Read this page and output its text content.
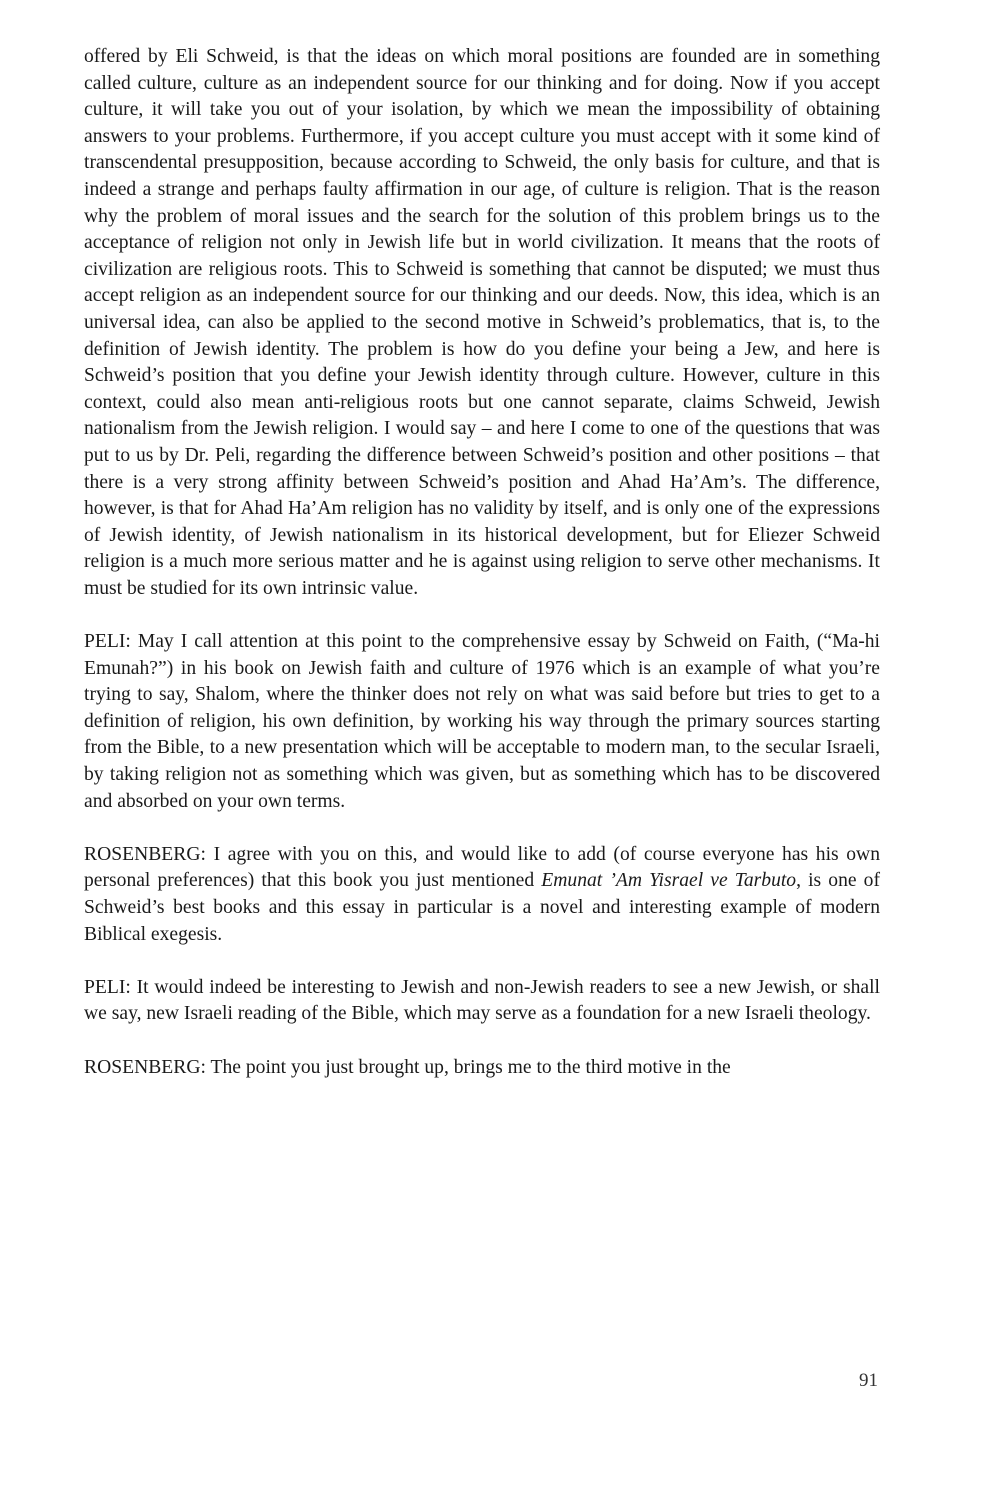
offered by Eli Schweid, is that the ideas on which moral positions are founded are in something called culture, culture as an independent source for our thinking and for doing. Now if you accept culture, it will take you out of your isolation, by which we mean the impossibility of obtaining answers to your problems. Furthermore, if you accept culture you must accept with it some kind of transcendental presupposition, because according to Schweid, the only basis for culture, and that is indeed a strange and perhaps faulty affirmation in our age, of culture is religion. That is the reason why the problem of moral issues and the search for the solution of this problem brings us to the acceptance of religion not only in Jewish life but in world civilization. It means that the roots of civilization are religious roots. This to Schweid is something that cannot be disputed; we must thus accept religion as an independent source for our thinking and our deeds. Now, this idea, which is an universal idea, can also be applied to the second motive in Schweid’s problematics, that is, to the definition of Jewish identity. The problem is how do you define your being a Jew, and here is Schweid’s position that you define your Jewish identity through culture. However, culture in this context, could also mean anti-religious roots but one cannot separate, claims Schweid, Jewish nationalism from the Jewish religion. I would say – and here I come to one of the questions that was put to us by Dr. Peli, regarding the difference between Schweid’s position and other positions – that there is a very strong affinity between Schweid’s position and Ahad Ha’Am’s. The difference, however, is that for Ahad Ha’Am religion has no validity by itself, and is only one of the expressions of Jewish identity, of Jewish nationalism in its historical development, but for Eliezer Schweid religion is a much more serious matter and he is against using religion to serve other mechanisms. It must be studied for its own intrinsic value.

PELI: May I call attention at this point to the comprehensive essay by Schweid on Faith, (“Ma-hi Emunah?”) in his book on Jewish faith and culture of 1976 which is an example of what you’re trying to say, Shalom, where the thinker does not rely on what was said before but tries to get to a definition of religion, his own definition, by working his way through the primary sources starting from the Bible, to a new presentation which will be acceptable to modern man, to the secular Israeli, by taking religion not as something which was given, but as something which has to be discovered and absorbed on your own terms.

ROSENBERG: I agree with you on this, and would like to add (of course everyone has his own personal preferences) that this book you just mentioned Emunat ’Am Yisrael ve Tarbuto, is one of Schweid’s best books and this essay in particular is a novel and interesting example of modern Biblical exegesis.

PELI: It would indeed be interesting to Jewish and non-Jewish readers to see a new Jewish, or shall we say, new Israeli reading of the Bible, which may serve as a foundation for a new Israeli theology.

ROSENBERG: The point you just brought up, brings me to the third motive in the

91
